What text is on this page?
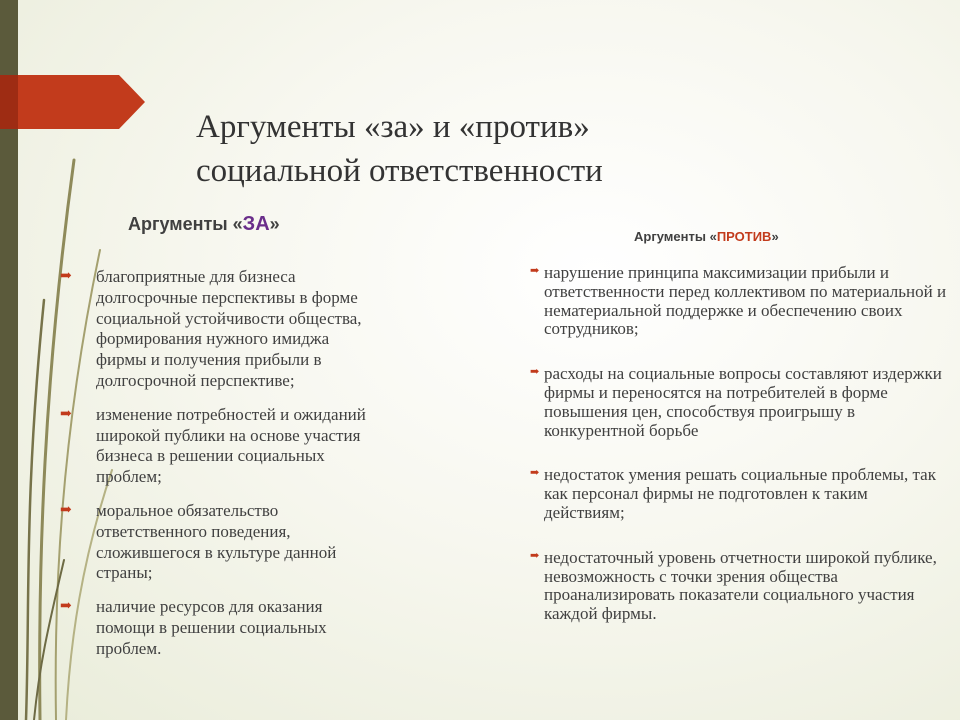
Аргументы «за» и «против»
социальной ответственности
Аргументы «ЗА»
Аргументы «ПРОТИВ»
➡ благоприятные для бизнеса долгосрочные перспективы в форме социальной устойчивости общества, формирования нужного имиджа фирмы и получения прибыли в долгосрочной перспективе;
➡ изменение потребностей и ожиданий широкой публики на основе участия бизнеса в решении социальных проблем;
➡ моральное обязательство ответственного поведения, сложившегося в культуре данной страны;
➡ наличие ресурсов для оказания помощи в решении социальных проблем.
➡ нарушение принципа максимизации прибыли и ответственности перед коллективом по материальной и нематериальной поддержке и обеспечению своих сотрудников;
➡ расходы на социальные вопросы составляют издержки фирмы и переносятся на потребителей в форме повышения цен, способствуя проигрышу в конкурентной борьбе
➡ недостаток умения решать социальные проблемы, так как персонал фирмы не подготовлен к таким действиям;
➡ недостаточный уровень отчетности широкой публике, невозможность с точки зрения общества проанализировать показатели социального участия каждой фирмы.
